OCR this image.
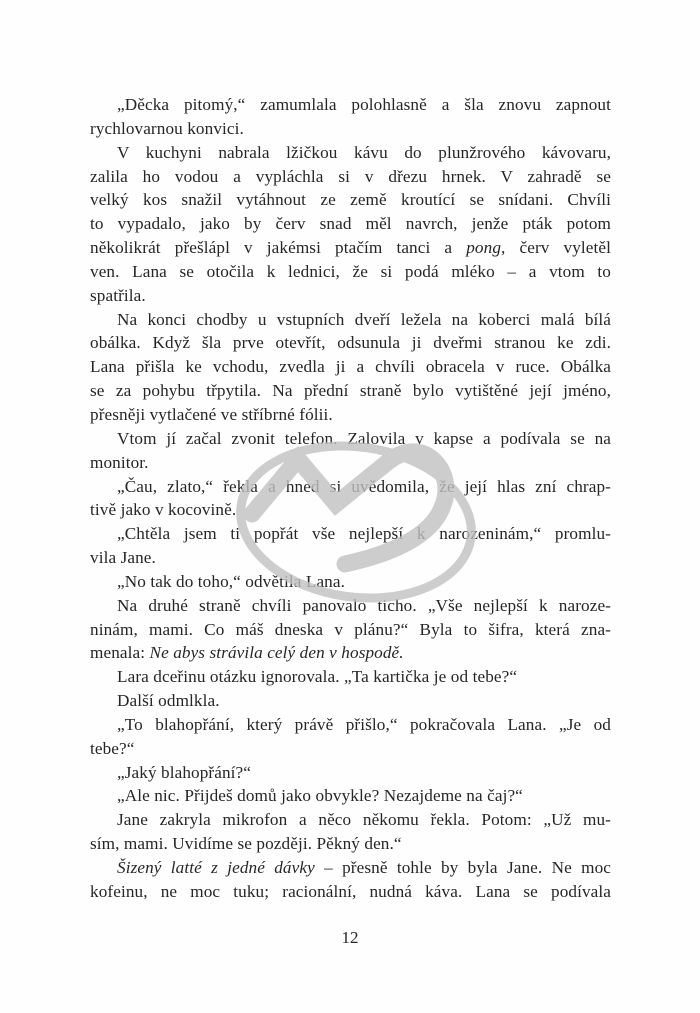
„Děcka pitomý,“ zamumlala polohlasně a šla znovu zapnout
rychlovarnou konvici.
V kuchyni nabrala lžičkou kávu do plunžrového kávovaru,
zalila ho vodou a vypláchla si v dřezu hrnek. V zahradě se
velký kos snažil vytáhnout ze země kroutící se snídani. Chvíli
to vypadalo, jako by červ snad měl navrch, jenže pták potom
několikrát přešlápl v jakémsi ptačím tanci a pong, červ vyletěl
ven. Lana se otočila k lednici, že si podá mléko – a vtom to
spatřila.
Na konci chodby u vstupních dveří ležela na koberci malá bílá
obálka. Když šla prve otevřít, odsunula ji dveřmi stranou ke zdi.
Lana přišla ke vchodu, zvedla ji a chvíli obracela v ruce. Obálka
se za pohybu třpytila. Na přední straně bylo vytištěné její jméno,
přesněji vytlačené ve stříbrné fólii.
Vtom jí začal zvonit telefon. Zalovila v kapse a podívala se na
monitor.
„Čau, zlato,“ řekla a hned si uvědomila, že její hlas zní chrap-
tivě jako v kocovině.
„Chtěla jsem ti popřát vše nejlepší k narozeninám,“ promlu-
vila Jane.
„No tak do toho,“ odvětila Lana.
Na druhé straně chvíli panovalo ticho. „Vše nejlepší k naroze-
ninám, mami. Co máš dneska v plánu?“ Byla to šifra, která zna-
menala: Ne abys strávila celý den v hospodě.
Lara dceřinu otázku ignorovala. „Ta kartička je od tebe?“
Další odmlkla.
„To blahopřání, který právě přišlo,“ pokračovala Lana. „Je od
tebe?“
„Jaký blahopřání?“
„Ale nic. Přijdeš domů jako obvykle? Nezajdeme na čaj?“
Jane zakryla mikrofon a něco někomu řekla. Potom: „Už mu-
sím, mami. Uvidíme se později. Pěkný den.“
Šizený latté z jedné dávky – přesně tohle by byla Jane. Ne moc
kofeinu, ne moc tuku; racionální, nudná káva. Lana se podívala
12
